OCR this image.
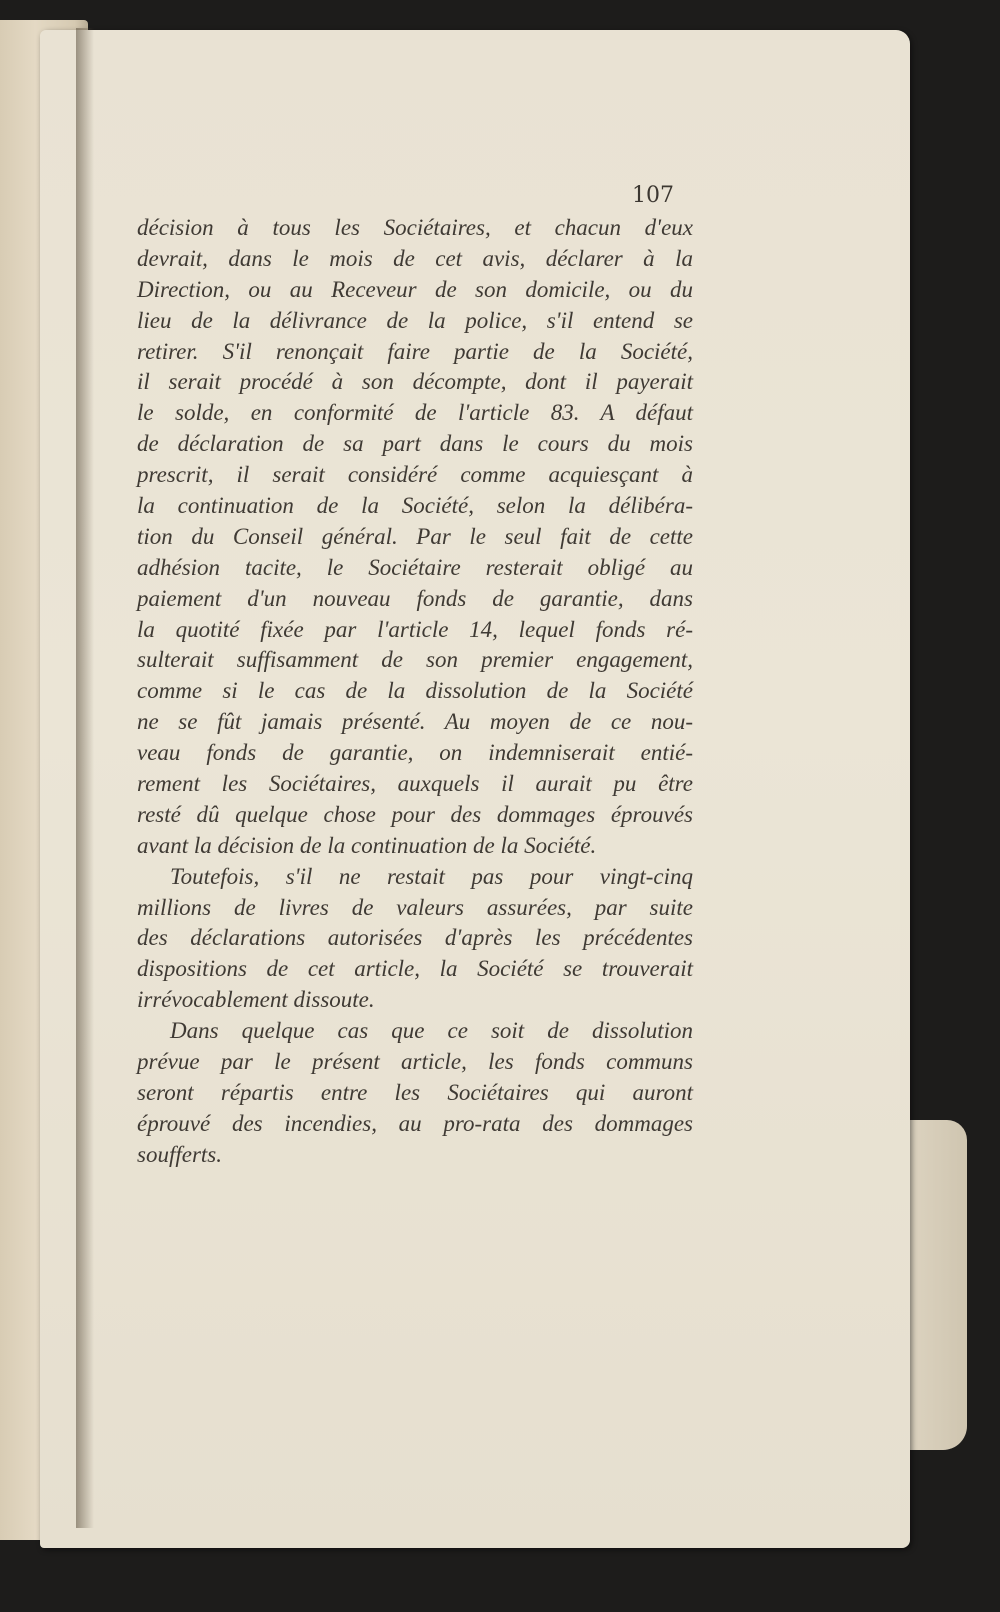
107
décision à tous les Sociétaires, et chacun d'eux
devrait, dans le mois de cet avis, déclarer à la
Direction, ou au Receveur de son domicile, ou du
lieu de la délivrance de la police, s'il entend se
retirer. S'il renonçait faire partie de la Société,
il serait procédé à son décompte, dont il payerait
le solde, en conformité de l'article 83. A défaut
de déclaration de sa part dans le cours du mois
prescrit, il serait considéré comme acquiesçant à
la continuation de la Société, selon la délibéra-
tion du Conseil général. Par le seul fait de cette
adhésion tacite, le Sociétaire resterait obligé au
paiement d'un nouveau fonds de garantie, dans
la quotité fixée par l'article 14, lequel fonds ré-
sulterait suffisamment de son premier engagement,
comme si le cas de la dissolution de la Société
ne se fût jamais présenté. Au moyen de ce nou-
veau fonds de garantie, on indemniserait entié-
rement les Sociétaires, auxquels il aurait pu être
resté dû quelque chose pour des dommages éprouvés
avant la décision de la continuation de la Société.
Toutefois, s'il ne restait pas pour vingt-cinq
millions de livres de valeurs assurées, par suite
des déclarations autorisées d'après les précédentes
dispositions de cet article, la Société se trouverait
irrévocablement dissoute.
Dans quelque cas que ce soit de dissolution
prévue par le présent article, les fonds communs
seront répartis entre les Sociétaires qui auront
éprouvé des incendies, au pro-rata des dommages
soufferts.
